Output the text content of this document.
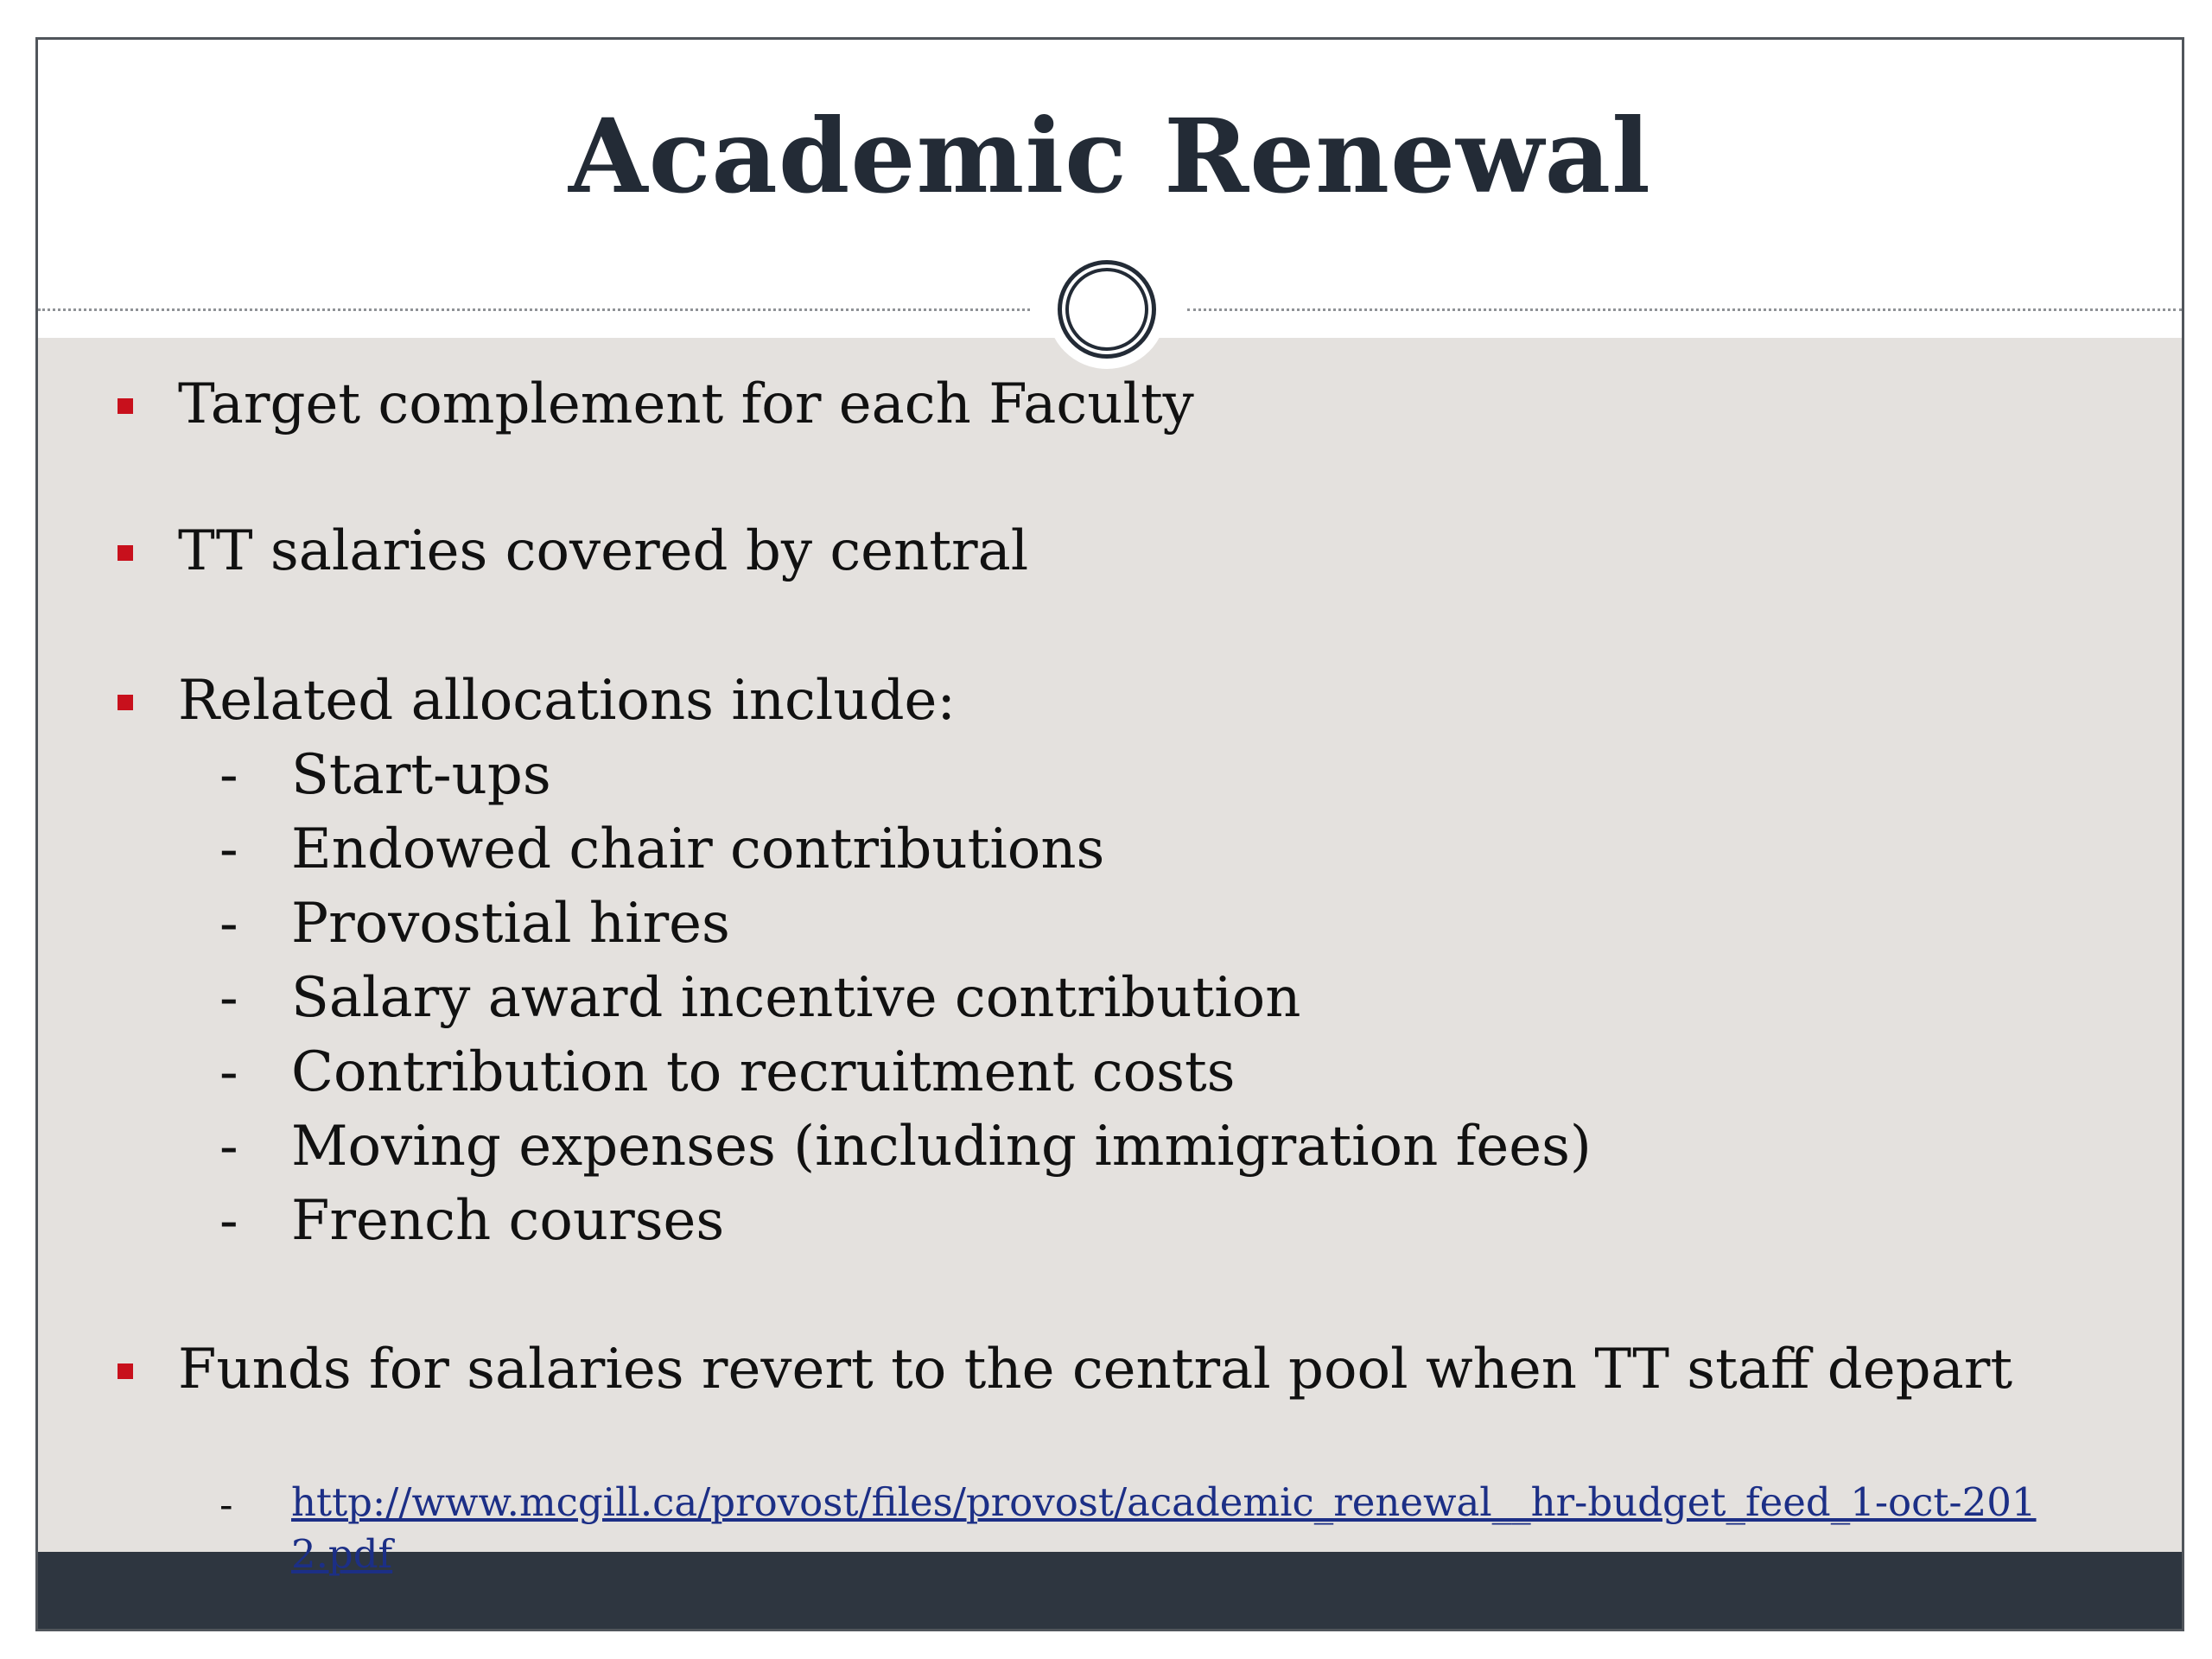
Academic Renewal
Target complement for each Faculty
TT salaries covered by central
Related allocations include:
- Start-ups
- Endowed chair contributions
- Provostial hires
- Salary award incentive contribution
- Contribution to recruitment costs
- Moving expenses (including immigration fees)
- French courses
Funds for salaries revert to the central pool when TT staff depart
- http://www.mcgill.ca/provost/files/provost/academic_renewal__hr-budget_feed_1-oct-2012.pdf
